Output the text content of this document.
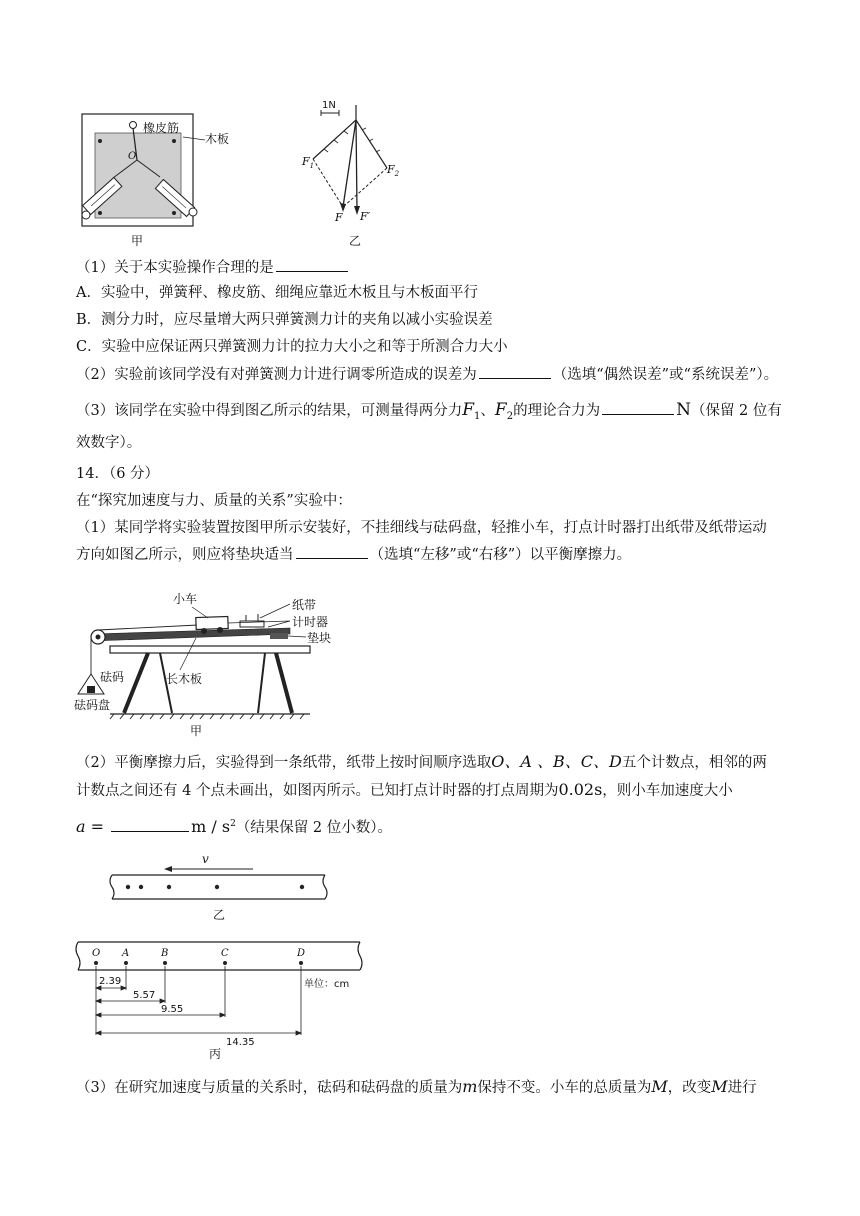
橡皮筋
木板
O
甲
1N
$F_1$	$F_2$
F F′
乙
（1）关于本实验操作合理的是
A．实验中，弹簧秤、橡皮筋、细绳应靠近木板且与木板面平行
B．测分力时，应尽量增大两只弹簧测力计的夹角以减小实验误差
C．实验中应保证两只弹簧测力计的拉力大小之和等于所测合力大小
（2）实验前该同学没有对弹簧测力计进行调零所造成的误差为	（选填“偶然误差”或“系统误差”）。
（3）该同学在实验中得到图乙所示的结果，可测量得两分力$F_1$、$F_2$的理论合力为	N（保留 2 位有
效数字）。
14．（6 分）
在“探究加速度与力、质量的关系”实验中：
（1）某同学将实验装置按图甲所示安装好，不挂细线与砝码盘，轻推小车，打点计时器打出纸带及纸带运动
方向如图乙所示，则应将垫块适当	（选填“左移”或“右移”）以平衡摩擦力。
小车	纸带
计时器
垫块
砝码	长木板
砝码盘
甲
（2）平衡摩擦力后，实验得到一条纸带，纸带上按时间顺序选取O、A 、B、C、D五个计数点，相邻的两
计数点之间还有 4 个点未画出，如图丙所示。已知打点计时器的打点周期为0.02s，则小车加速度大小
a =	m / $s^2$（结果保留 2 位小数）。
v
乙
O A	B	C	D
单位：cm
2.39
5.57
9.55
14.35
丙
（3）在研究加速度与质量的关系时，砝码和砝码盘的质量为m保持不变。小车的总质量为M，改变M进行
